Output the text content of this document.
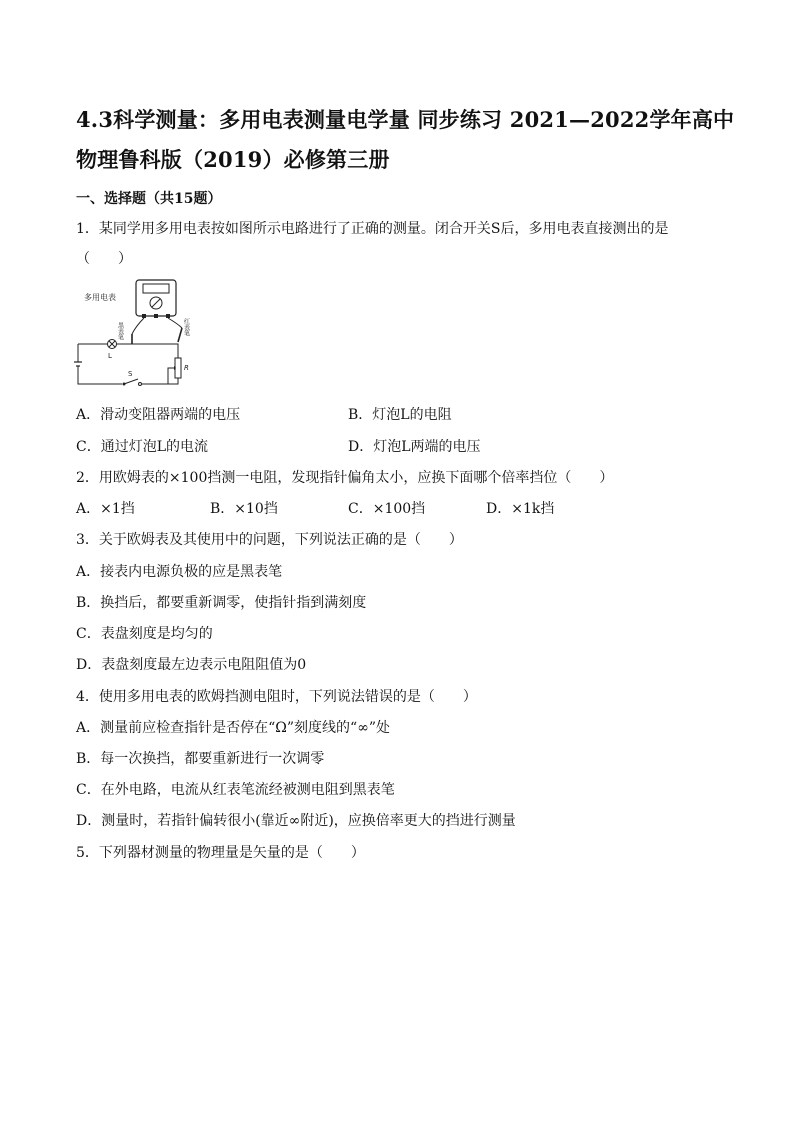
4.3科学测量：多用电表测量电学量 同步练习 2021—2022学年高中物理鲁科版（2019）必修第三册
一、选择题（共15题）
1．某同学用多用电表按如图所示电路进行了正确的测量。闭合开关S后，多用电表直接测出的是
（　　）
多用电表
黑表笔	红表笔
L
S
R
A．滑动变阻器两端的电压	B．灯泡L的电阻
C．通过灯泡L的电流	D．灯泡L两端的电压
2．用欧姆表的×100挡测一电阻，发现指针偏角太小，应换下面哪个倍率挡位（　　）
A．×1挡	B．×10挡	C．×100挡	D．×1k挡
3．关于欧姆表及其使用中的问题，下列说法正确的是（　　）
A．接表内电源负极的应是黑表笔
B．换挡后，都要重新调零，使指针指到满刻度
C．表盘刻度是均匀的
D．表盘刻度最左边表示电阻阻值为0
4．使用多用电表的欧姆挡测电阻时，下列说法错误的是（　　）
A．测量前应检查指针是否停在“Ω”刻度线的“∞”处
B．每一次换挡，都要重新进行一次调零
C．在外电路，电流从红表笔流经被测电阻到黑表笔
D．测量时，若指针偏转很小(靠近∞附近)，应换倍率更大的挡进行测量
5．下列器材测量的物理量是矢量的是（　　）
